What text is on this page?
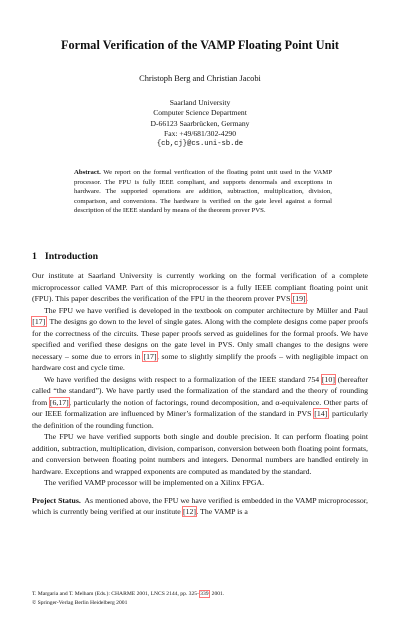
Formal Verification of the VAMP Floating Point Unit
Christoph Berg and Christian Jacobi
Saarland University
Computer Science Department
D-66123 Saarbrücken, Germany
Fax: +49/681/302-4290
{cb,cj}@cs.uni-sb.de
Abstract. We report on the formal verification of the floating point unit used in the VAMP processor. The FPU is fully IEEE compliant, and supports denormals and exceptions in hardware. The supported operations are addition, subtraction, multiplication, division, comparison, and conversions. The hardware is verified on the gate level against a formal description of the IEEE standard by means of the theorem prover PVS.
1 Introduction

Our institute at Saarland University is currently working on the formal verification of a complete microprocessor called VAMP. Part of this microprocessor is a fully IEEE compliant floating point unit (FPU). This paper describes the verification of the FPU in the theorem prover PVS [19].

The FPU we have verified is developed in the textbook on computer architecture by Müller and Paul [17]. The designs go down to the level of single gates. Along with the complete designs come paper proofs for the correctness of the circuits. These paper proofs served as guidelines for the formal proofs. We have specified and verified these designs on the gate level in PVS. Only small changes to the designs were necessary – some due to errors in [17], some to slightly simplify the proofs – with negligible impact on hardware cost and cycle time.

We have verified the designs with respect to a formalization of the IEEE standard 754 [10] (hereafter called “the standard”). We have partly used the formalization of the standard and the theory of rounding from [6,17], particularly the notion of factorings, round decomposition, and α-equivalence. Other parts of our IEEE formalization are influenced by Miner’s formalization of the standard in PVS [14], particularly the definition of the rounding function.

The FPU we have verified supports both single and double precision. It can perform floating point addition, subtraction, multiplication, division, comparison, conversion between both floating point formats, and conversion between floating point numbers and integers. Denormal numbers are handled entirely in hardware. Exceptions and wrapped exponents are computed as mandated by the standard.

The verified VAMP processor will be implemented on a Xilinx FPGA.

Project Status. As mentioned above, the FPU we have verified is embedded in the VAMP microprocessor, which is currently being verified at our institute [12]. The VAMP is a

T. Margaria and T. Melham (Eds.): CHARME 2001, LNCS 2144, pp. 325–339, 2001.
© Springer-Verlag Berlin Heidelberg 2001
